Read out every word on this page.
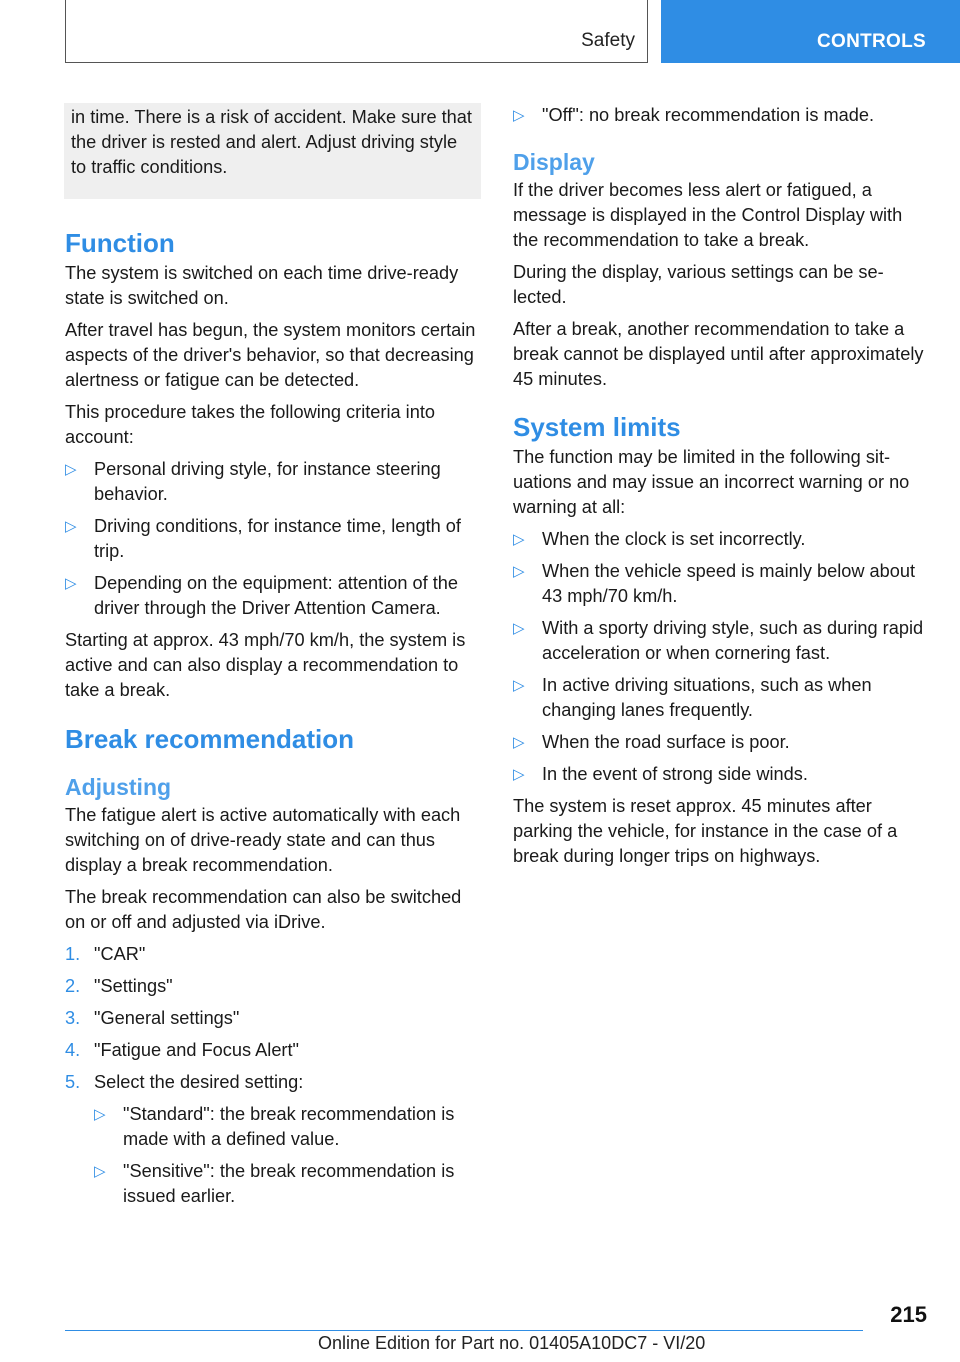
Safety	CONTROLS

in time. There is a risk of accident. Make sure that the driver is rested and alert. Adjust driving style to traffic conditions.

Function

The system is switched on each time drive-ready state is switched on.

After travel has begun, the system monitors certain aspects of the driver's behavior, so that decreasing alertness or fatigue can be detected.

This procedure takes the following criteria into account:

▷ Personal driving style, for instance steering behavior.
▷ Driving conditions, for instance time, length of trip.
▷ Depending on the equipment: attention of the driver through the Driver Attention Camera.

Starting at approx. 43 mph/70 km/h, the system is active and can also display a recommendation to take a break.

Break recommendation
Adjusting

The fatigue alert is active automatically with each switching on of drive-ready state and can thus display a break recommendation.

The break recommendation can also be switched on or off and adjusted via iDrive.

1. "CAR"
2. "Settings"
3. "General settings"
4. "Fatigue and Focus Alert"
5. Select the desired setting:
▷ "Standard": the break recommendation is made with a defined value.
▷ "Sensitive": the break recommendation is issued earlier.
▷ "Off": no break recommendation is made.
Display

If the driver becomes less alert or fatigued, a message is displayed in the Control Display with the recommendation to take a break.

During the display, various settings can be selected.

After a break, another recommendation to take a break cannot be displayed until after approximately 45 minutes.

System limits

The function may be limited in the following situations and may issue an incorrect warning or no warning at all:

▷ When the clock is set incorrectly.
▷ When the vehicle speed is mainly below about 43 mph/70 km/h.
▷ With a sporty driving style, such as during rapid acceleration or when cornering fast.
▷ In active driving situations, such as when changing lanes frequently.
▷ When the road surface is poor.
▷ In the event of strong side winds.

The system is reset approx. 45 minutes after parking the vehicle, for instance in the case of a break during longer trips on highways.

215
Online Edition for Part no. 01405A10DC7 - VI/20
